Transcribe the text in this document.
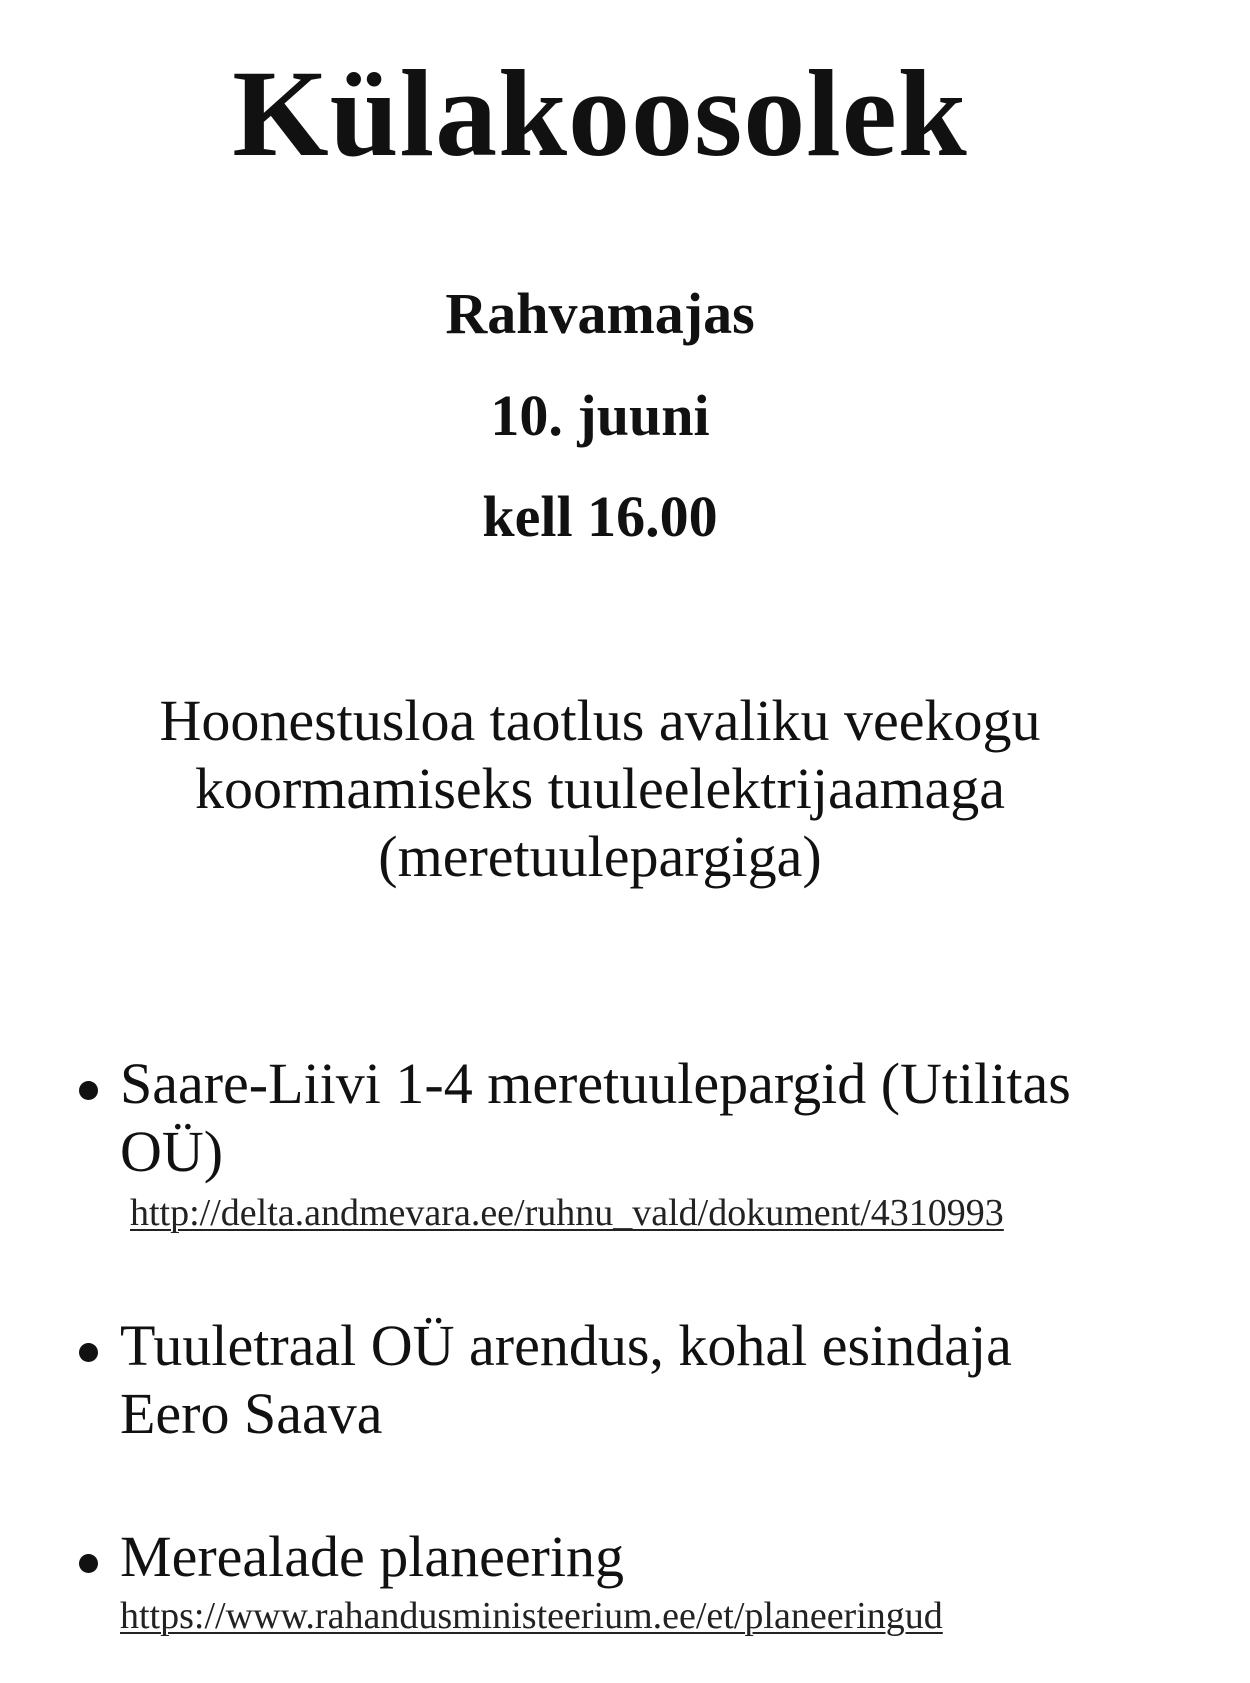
Külakoosolek
Rahvamajas
10. juuni
kell 16.00
Hoonestusloa taotlus avaliku veekogu
koormamiseks tuuleelektrijaamaga
(meretuulepargiga)
Saare-Liivi 1-4 meretuulepargid (Utilitas OÜ)
http://delta.andmevara.ee/ruhnu_vald/dokument/4310993
Tuuletraal OÜ arendus, kohal esindaja Eero Saava
Merealade planeering
https://www.rahandusministeerium.ee/et/planeeringud
